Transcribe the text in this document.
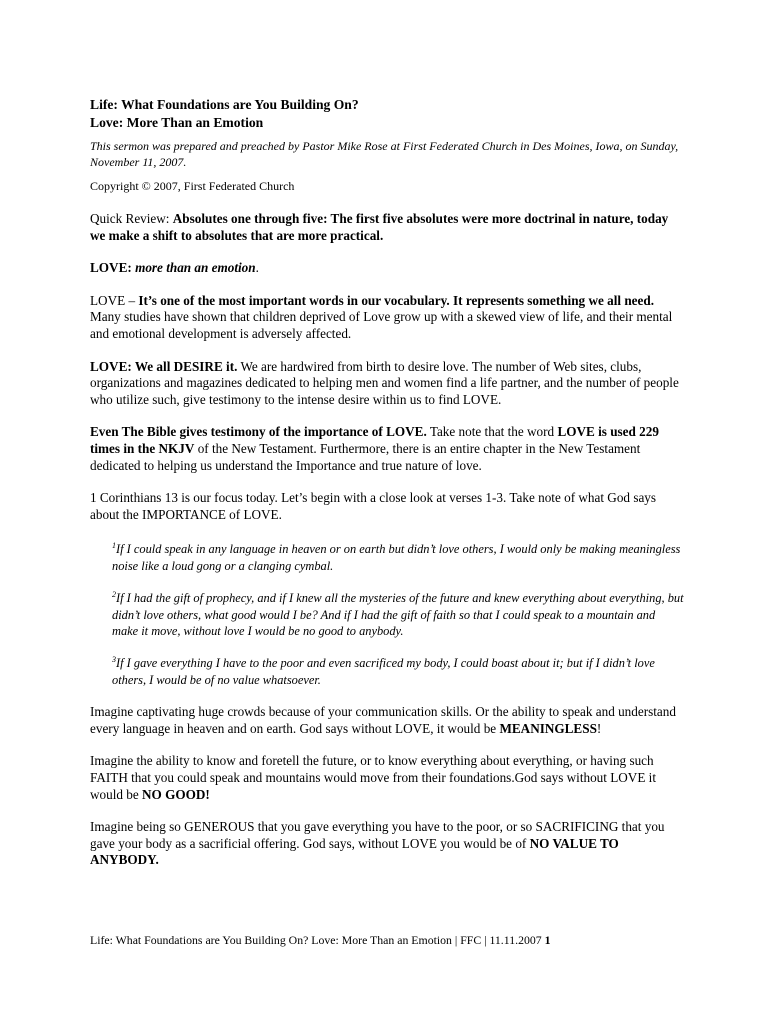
Life: What Foundations are You Building On?
Love: More Than an Emotion

This sermon was prepared and preached by Pastor Mike Rose at First Federated Church in Des Moines, Iowa, on Sunday, November 11, 2007.

Copyright © 2007, First Federated Church

Quick Review: Absolutes one through five: The first five absolutes were more doctrinal in nature, today we make a shift to absolutes that are more practical.

LOVE: more than an emotion.

LOVE – It’s one of the most important words in our vocabulary. It represents something we all need. Many studies have shown that children deprived of Love grow up with a skewed view of life, and their mental and emotional development is adversely affected.

LOVE: We all DESIRE it. We are hardwired from birth to desire love. The number of Web sites, clubs, organizations and magazines dedicated to helping men and women find a life partner, and the number of people who utilize such, give testimony to the intense desire within us to find LOVE.

Even The Bible gives testimony of the importance of LOVE. Take note that the word LOVE is used 229 times in the NKJV of the New Testament. Furthermore, there is an entire chapter in the New Testament dedicated to helping us understand the Importance and true nature of love.

1 Corinthians 13 is our focus today. Let’s begin with a close look at verses 1-3. Take note of what God says about the IMPORTANCE of LOVE.

$^1$If I could speak in any language in heaven or on earth but didn’t love others, I would only be making meaningless noise like a loud gong or a clanging cymbal.

$^2$If I had the gift of prophecy, and if I knew all the mysteries of the future and knew everything about everything, but didn’t love others, what good would I be? And if I had the gift of faith so that I could speak to a mountain and make it move, without love I would be no good to anybody.

$^3$If I gave everything I have to the poor and even sacrificed my body, I could boast about it; but if I didn’t love others, I would be of no value whatsoever.

Imagine captivating huge crowds because of your communication skills. Or the ability to speak and understand every language in heaven and on earth. God says without LOVE, it would be MEANINGLESS!

Imagine the ability to know and foretell the future, or to know everything about everything, or having such FAITH that you could speak and mountains would move from their foundations.God says without LOVE it would be NO GOOD!

Imagine being so GENEROUS that you gave everything you have to the poor, or so SACRIFICING that you gave your body as a sacrificial offering. God says, without LOVE you would be of NO VALUE TO ANYBODY.

Life: What Foundations are You Building On? Love: More Than an Emotion | FFC | 11.11.2007 1
